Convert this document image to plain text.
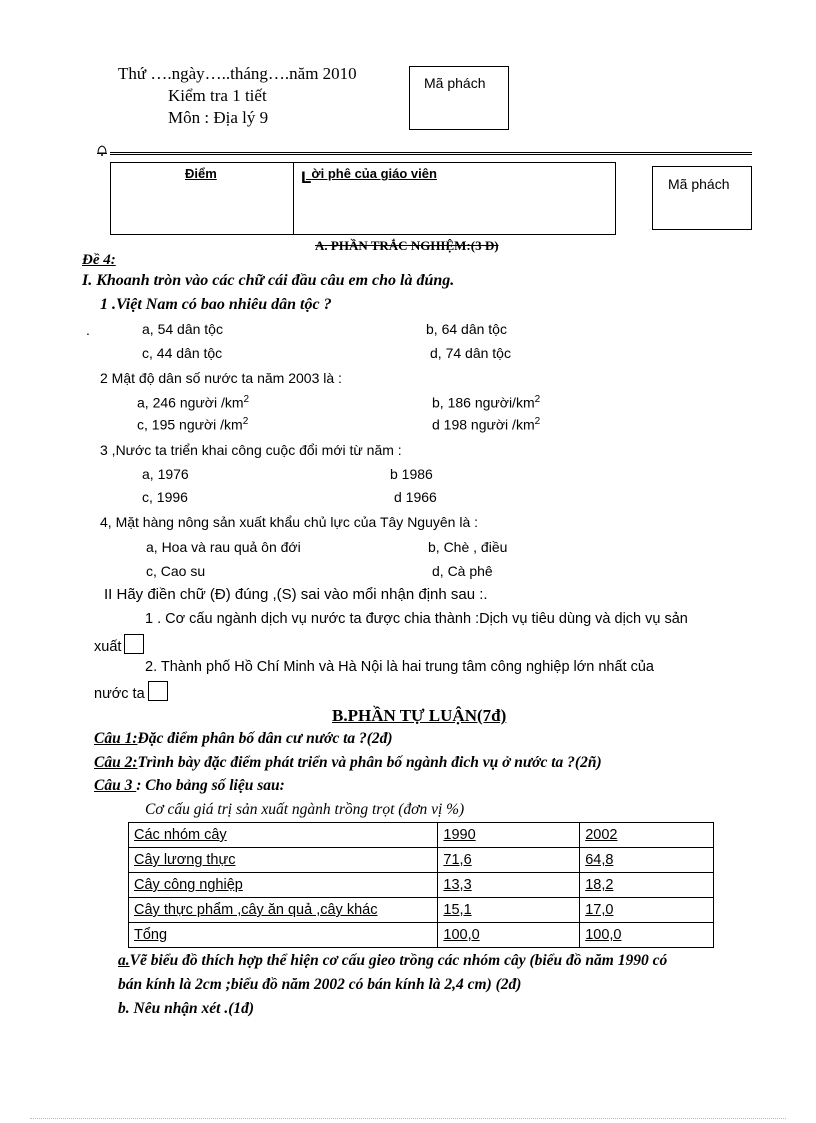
Thứ ….ngày…..tháng….năm 2010
Kiểm tra 1 tiết
Môn : Địa lý 9
Mã phách
Điểm	Lời phê của giáo viên
Mã phách
A. PHẦN TRẮC NGHIỆM:(3 Đ)
Đề 4:
I. Khoanh tròn vào các chữ cái đầu câu em cho là đúng.
1 .Việt Nam có bao nhiêu dân tộc ?
.	a, 54 dân tộc	b, 64 dân tộc
c, 44 dân tộc	d, 74 dân tộc
2 Mật độ dân số nước ta năm 2003 là :
a, 246 người $/km^2$	b, 186 người/$km^2$
c, 195 người $/km^2$	d 198 người $/km^2$
3 ,Nước ta triển khai công cuộc đổi mới từ năm :
a, 1976	b 1986
c, 1996	d 1966
4, Mặt hàng nông sản xuất khẩu chủ lực của Tây Nguyên là :
a, Hoa và rau quả ôn đới	b, Chè , điều
c, Cao su	d, Cà phê
II Hãy điền chữ (Đ) đúng ,(S) sai vào mổi nhận định sau :.
1 . Cơ cấu ngành dịch vụ nước ta được chia thành :Dịch vụ tiêu dùng và dịch vụ sản
xuất
2. Thành phố Hồ Chí Minh và Hà Nội là hai trung tâm công nghiệp lớn nhất của
nước ta
B.PHẦN TỰ LUẬN(7đ)
Câu 1:Đặc điểm phân bố dân cư nước ta ?(2đ)
Câu 2:Trình bày đặc điểm phát triển và phân bố ngành đich vụ ở nước ta ?(2ñ)
Câu 3 : Cho bảng số liệu sau:
Cơ cấu giá trị sản xuất ngành trồng trọt (đơn vị %)
Các nhóm cây	1990	2002
Cây lương thực	71,6	64,8
Cây công nghiệp	13,3	18,2
Cây thực phẩm ,cây ăn quả ,cây khác	15,1	17,0
Tổng	100,0	100,0
a.Vẽ biểu đồ thích hợp thể hiện cơ cấu gieo trồng các nhóm cây (biểu đồ năm 1990 có
bán kính là 2cm ;biểu đồ năm 2002 có bán kính là 2,4 cm) (2đ)
b. Nêu nhận xét .(1đ)
